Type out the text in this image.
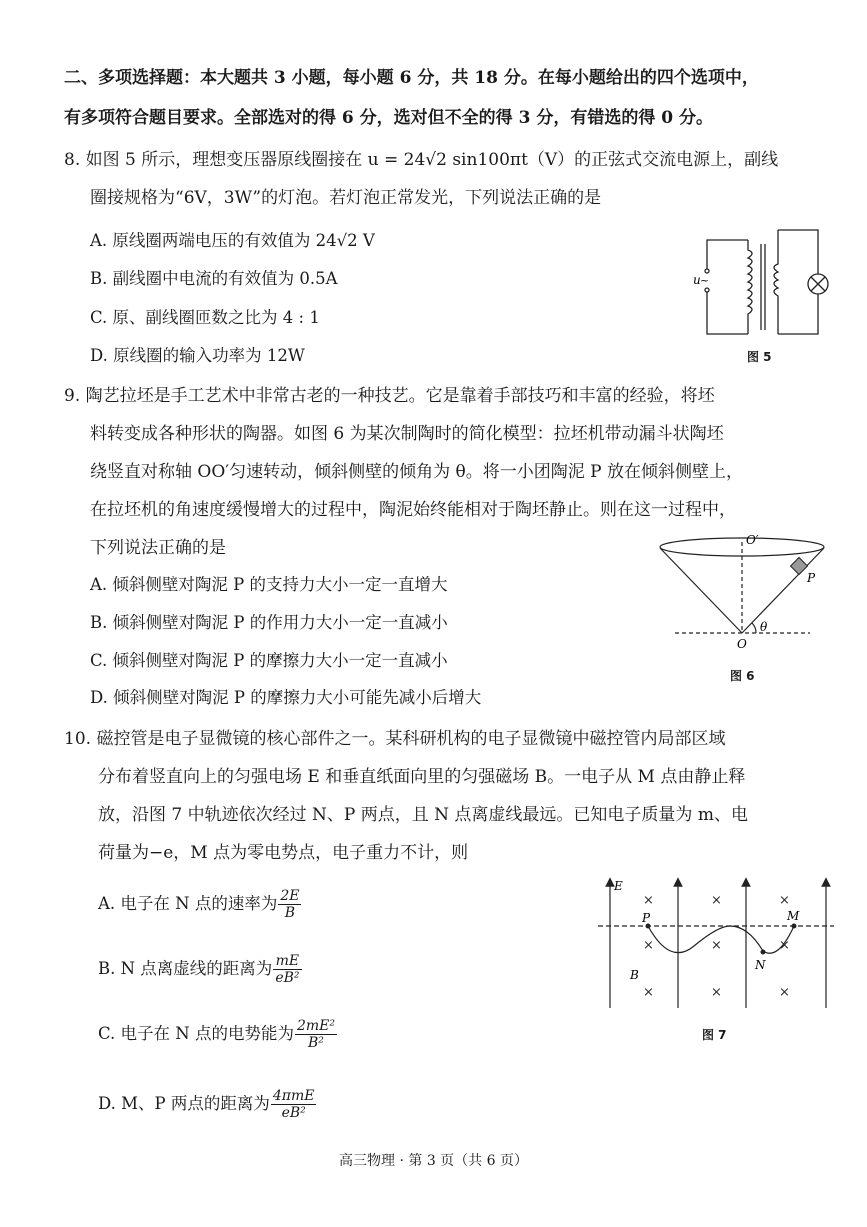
二、多项选择题：本大题共 3 小题，每小题 6 分，共 18 分。在每小题给出的四个选项中，
有多项符合题目要求。全部选对的得 6 分，选对但不全的得 3 分，有错选的得 0 分。
8. 如图 5 所示，理想变压器原线圈接在 u = 24√2 sin100πt（V）的正弦式交流电源上，副线
圈接规格为“6V，3W”的灯泡。若灯泡正常发光，下列说法正确的是
A. 原线圈两端电压的有效值为 24√2 V
B. 副线圈中电流的有效值为 0.5A
C. 原、副线圈匝数之比为 4 : 1
D. 原线圈的输入功率为 12W
u ~
图 5
9. 陶艺拉坯是手工艺术中非常古老的一种技艺。它是靠着手部技巧和丰富的经验，将坯
料转变成各种形状的陶器。如图 6 为某次制陶时的简化模型：拉坯机带动漏斗状陶坯
绕竖直对称轴 OO′匀速转动，倾斜侧壁的倾角为 θ。将一小团陶泥 P 放在倾斜侧壁上，
在拉坯机的角速度缓慢增大的过程中，陶泥始终能相对于陶坯静止。则在这一过程中，
下列说法正确的是
A. 倾斜侧壁对陶泥 P 的支持力大小一定一直增大
B. 倾斜侧壁对陶泥 P 的作用力大小一定一直减小
C. 倾斜侧壁对陶泥 P 的摩擦力大小一定一直减小
D. 倾斜侧壁对陶泥 P 的摩擦力大小可能先减小后增大
O′
O
P
θ
图 6
10. 磁控管是电子显微镜的核心部件之一。某科研机构的电子显微镜中磁控管内局部区域
分布着竖直向上的匀强电场 E 和垂直纸面向里的匀强磁场 B。一电子从 M 点由静止释
放，沿图 7 中轨迹依次经过 N、P 两点，且 N 点离虚线最远。已知电子质量为 m、电
荷量为−e，M 点为零电势点，电子重力不计，则
A. 电子在 N 点的速率为 $\frac{2E}{B}$
B. N 点离虚线的距离为 $\frac{mE}{\text{eB²}}$
C. 电子在 N 点的电势能为 $\frac{\text{2mE²}}{\text{B²}}$
D. M、P 两点的距离为 $\frac{\text{4πmE}}{\text{eB²}}$
×	×	×
×	×	×
×	×	×
E
B
P	M
N
图 7
高三物理 · 第 3 页（共 6 页）
